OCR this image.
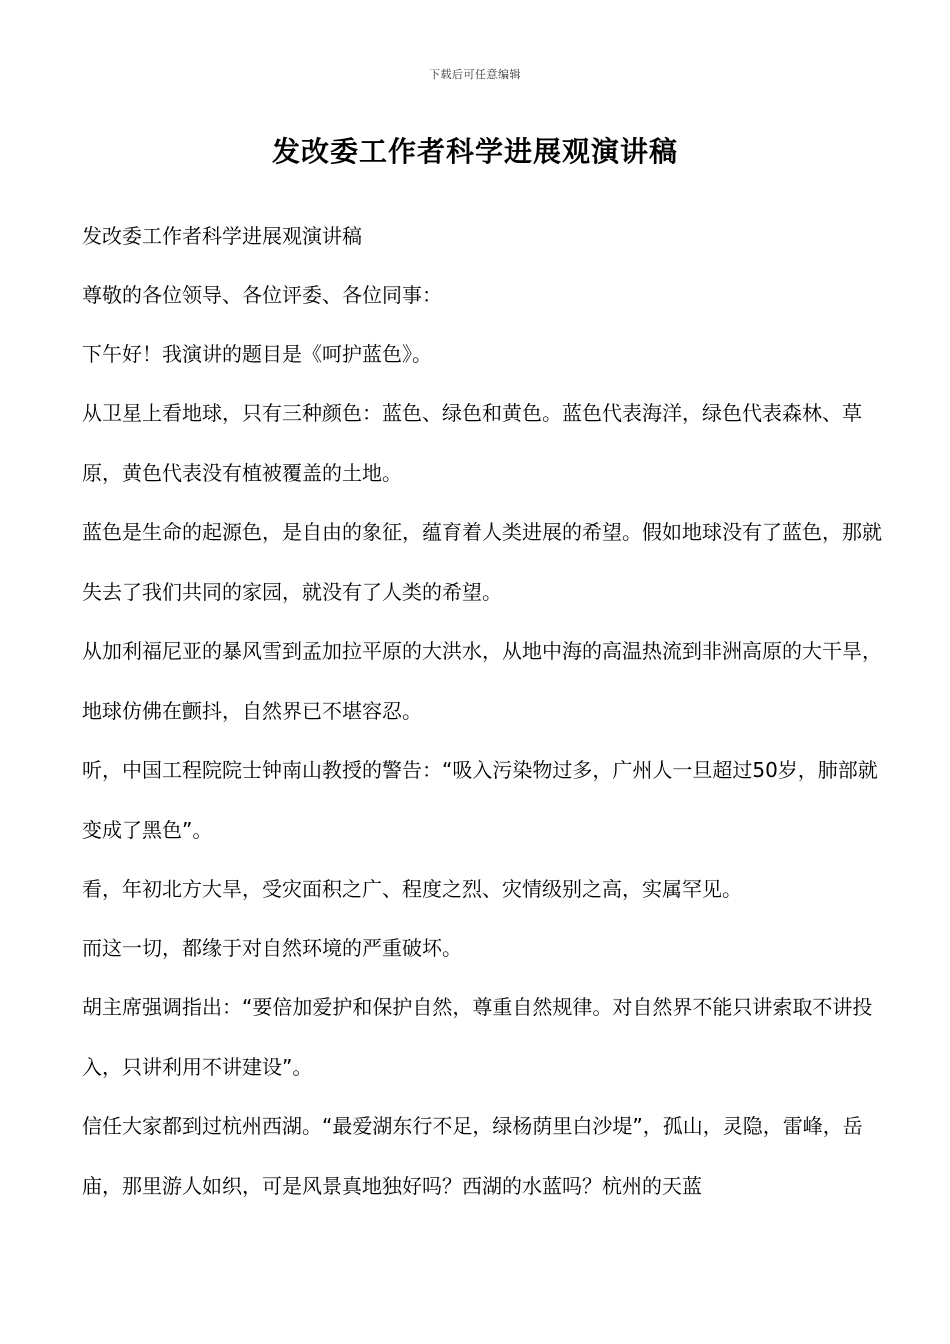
下载后可任意编辑
发改委工作者科学进展观演讲稿

发改委工作者科学进展观演讲稿

尊敬的各位领导、各位评委、各位同事：

下午好！我演讲的题目是《呵护蓝色》。

从卫星上看地球，只有三种颜色：蓝色、绿色和黄色。蓝色代表海洋，绿色代表森林、草原，黄色代表没有植被覆盖的土地。

蓝色是生命的起源色，是自由的象征，蕴育着人类进展的希望。假如地球没有了蓝色，那就失去了我们共同的家园，就没有了人类的希望。

从加利福尼亚的暴风雪到孟加拉平原的大洪水，从地中海的高温热流到非洲高原的大干旱，地球仿佛在颤抖，自然界已不堪容忍。

听，中国工程院院士钟南山教授的警告：“吸入污染物过多，广州人一旦超过50岁，肺部就变成了黑色”。

看，年初北方大旱，受灾面积之广、程度之烈、灾情级别之高，实属罕见。

而这一切，都缘于对自然环境的严重破坏。

胡主席强调指出：“要倍加爱护和保护自然，尊重自然规律。对自然界不能只讲索取不讲投入，只讲利用不讲建设”。

信任大家都到过杭州西湖。“最爱湖东行不足，绿杨荫里白沙堤”，孤山，灵隐，雷峰，岳庙，那里游人如织，可是风景真地独好吗？西湖的水蓝吗？杭州的天蓝
